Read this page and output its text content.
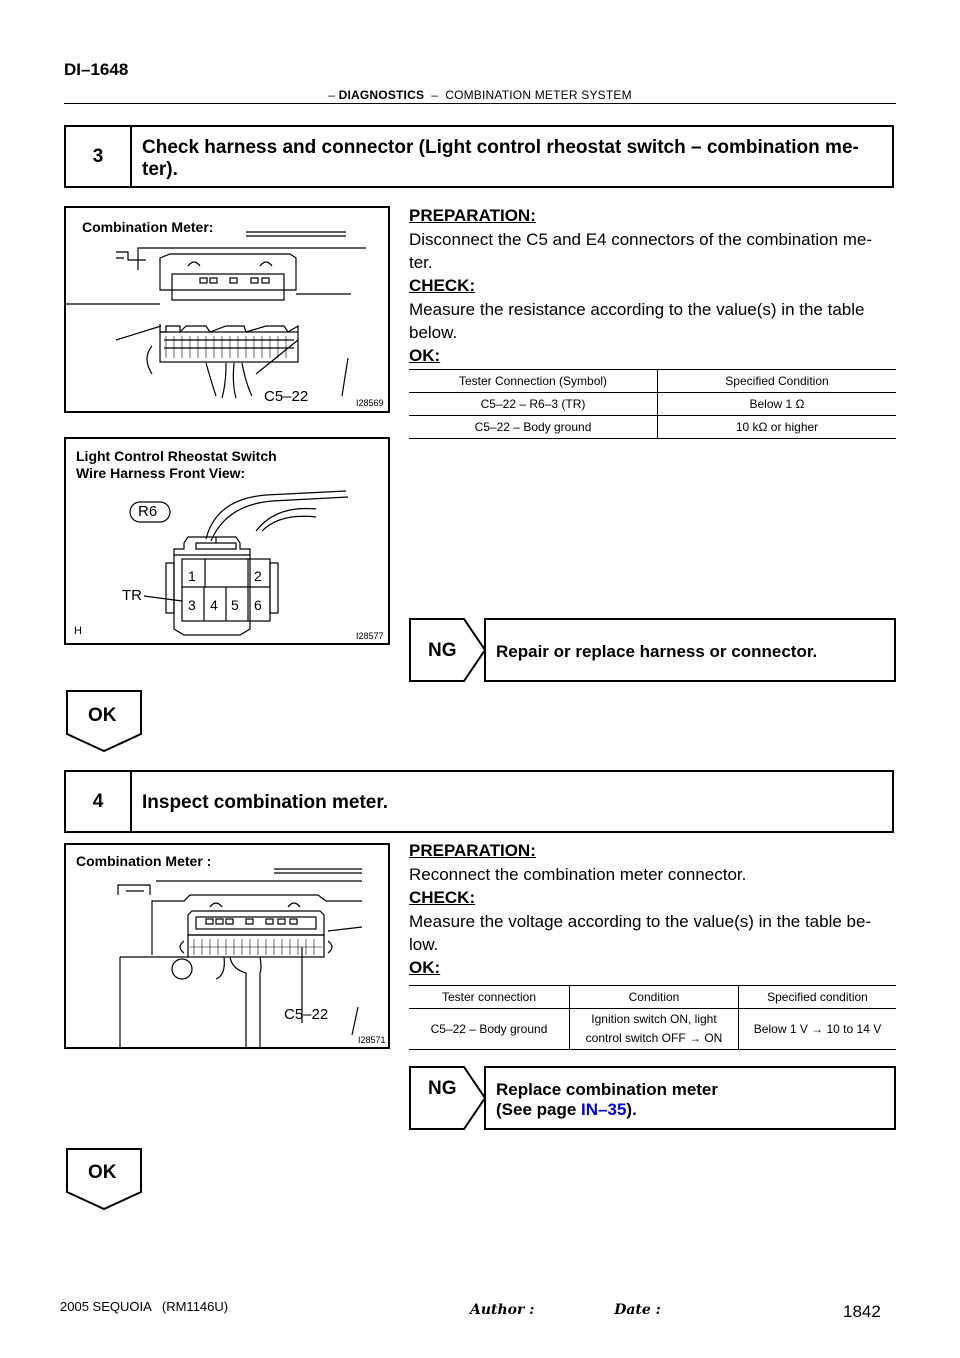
DI–1648
– DIAGNOSTICS – COMBINATION METER SYSTEM
3	Check harness and connector (Light control rheostat switch – combination me-
ter).
Combination Meter:
C5–22	I28569
Light Control Rheostat Switch
Wire Harness Front View:
R6
TR
1	2
3 4 5 6
H	I28577
PREPARATION:
Disconnect the C5 and E4 connectors of the combination me-
ter.
CHECK:
Measure the resistance according to the value(s) in the table
below.
OK:
Tester Connection (Symbol)	Specified Condition
C5–22 – R6–3 (TR)	Below 1 Ω
C5–22 – Body ground	10 kΩ or higher
NG Repair or replace harness or connector.
OK
4	Inspect combination meter.
Combination Meter :
C5–22
I28571
PREPARATION:
Reconnect the combination meter connector.
CHECK:
Measure the voltage according to the value(s) in the table be-
low.
OK:
Tester connection	Condition	Specified condition
C5–22 – Body ground	Ignition switch ON, light
control switch OFF → ON	Below 1 V → 10 to 14 V
NG Replace combination meter
(See page IN–35).
OK
2005 SEQUOIA   (RM1146U)	Author :	Date :	1842
